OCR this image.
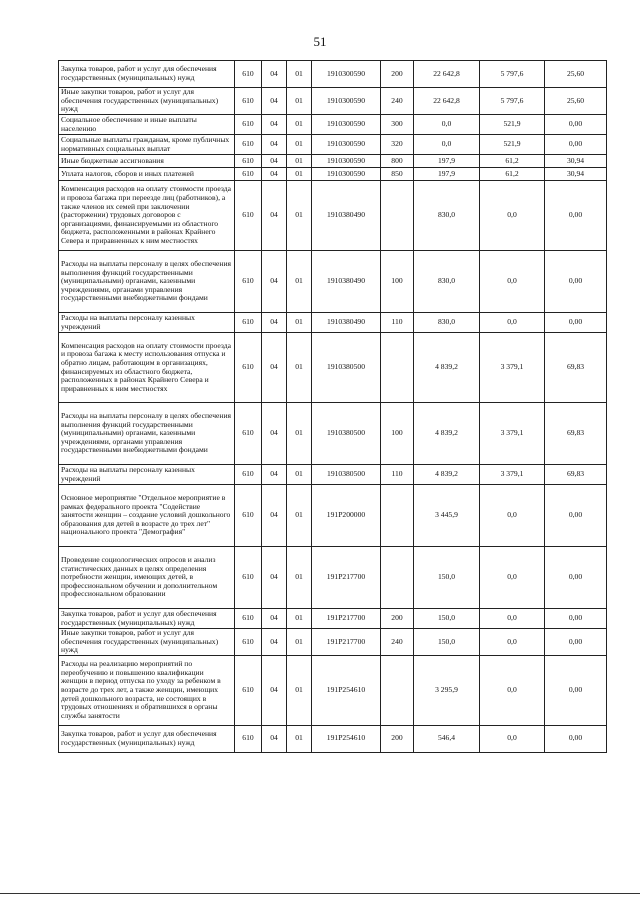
51
Закупка товаров, работ и услуг для обеспечения государственных (муниципальных) нужд	610	04	01	1910300590	200	22 642,8	5 797,6	25,60
Иные закупки товаров, работ и услуг для обеспечения государственных (муниципальных) нужд	610	04	01	1910300590	240	22 642,8	5 797,6	25,60
Социальное обеспечение и иные выплаты населению	610	04	01	1910300590	300	0,0	521,9	0,00
Социальные выплаты гражданам, кроме публичных нормативных социальных выплат	610	04	01	1910300590	320	0,0	521,9	0,00
Иные бюджетные ассигнования	610	04	01	1910300590	800	197,9	61,2	30,94
Уплата налогов, сборов и иных платежей	610	04	01	1910300590	850	197,9	61,2	30,94
Компенсация расходов на оплату стоимости проезда и провоза багажа при переезде лиц (работников), а также членов их семей при заключении (расторжении) трудовых договоров с организациями, финансируемыми из областного бюджета, расположенными в районах Крайнего Севера и приравненных к ним местностях	610	04	01	1910380490		830,0	0,0	0,00
Расходы на выплаты персоналу в целях обеспечения выполнения функций государственными (муниципальными) органами, казенными учреждениями, органами управления государственными внебюджетными фондами	610	04	01	1910380490	100	830,0	0,0	0,00
Расходы на выплаты персоналу казенных учреждений	610	04	01	1910380490	110	830,0	0,0	0,00
Компенсация расходов на оплату стоимости проезда и провоза багажа к месту использования отпуска и обратно лицам, работающим в организациях, финансируемых из областного бюджета, расположенных в районах Крайнего Севера и приравненных к ним местностях	610	04	01	1910380500		4 839,2	3 379,1	69,83
Расходы на выплаты персоналу в целях обеспечения выполнения функций государственными (муниципальными) органами, казенными учреждениями, органами управления государственными внебюджетными фондами	610	04	01	1910380500	100	4 839,2	3 379,1	69,83
Расходы на выплаты персоналу казенных учреждений	610	04	01	1910380500	110	4 839,2	3 379,1	69,83
Основное мероприятие "Отдельное мероприятие в рамках федерального проекта "Содействие занятости женщин – создание условий дошкольного образования для детей в возрасте до трех лет" национального проекта "Демография"	610	04	01	191P200000		3 445,9	0,0	0,00
Проведение социологических опросов и анализ статистических данных в целях определения потребности женщин, имеющих детей, в профессиональном обучении и дополнительном профессиональном образовании	610	04	01	191P217700		150,0	0,0	0,00
Закупка товаров, работ и услуг для обеспечения государственных (муниципальных) нужд	610	04	01	191P217700	200	150,0	0,0	0,00
Иные закупки товаров, работ и услуг для обеспечения государственных (муниципальных) нужд	610	04	01	191P217700	240	150,0	0,0	0,00
Расходы на реализацию мероприятий по переобучению и повышению квалификации женщин в период отпуска по уходу за ребенком в возрасте до трех лет, а также женщин, имеющих детей дошкольного возраста, не состоящих в трудовых отношениях и обратившихся в органы службы занятости	610	04	01	191P254610		3 295,9	0,0	0,00
Закупка товаров, работ и услуг для обеспечения государственных (муниципальных) нужд	610	04	01	191P254610	200	546,4	0,0	0,00
